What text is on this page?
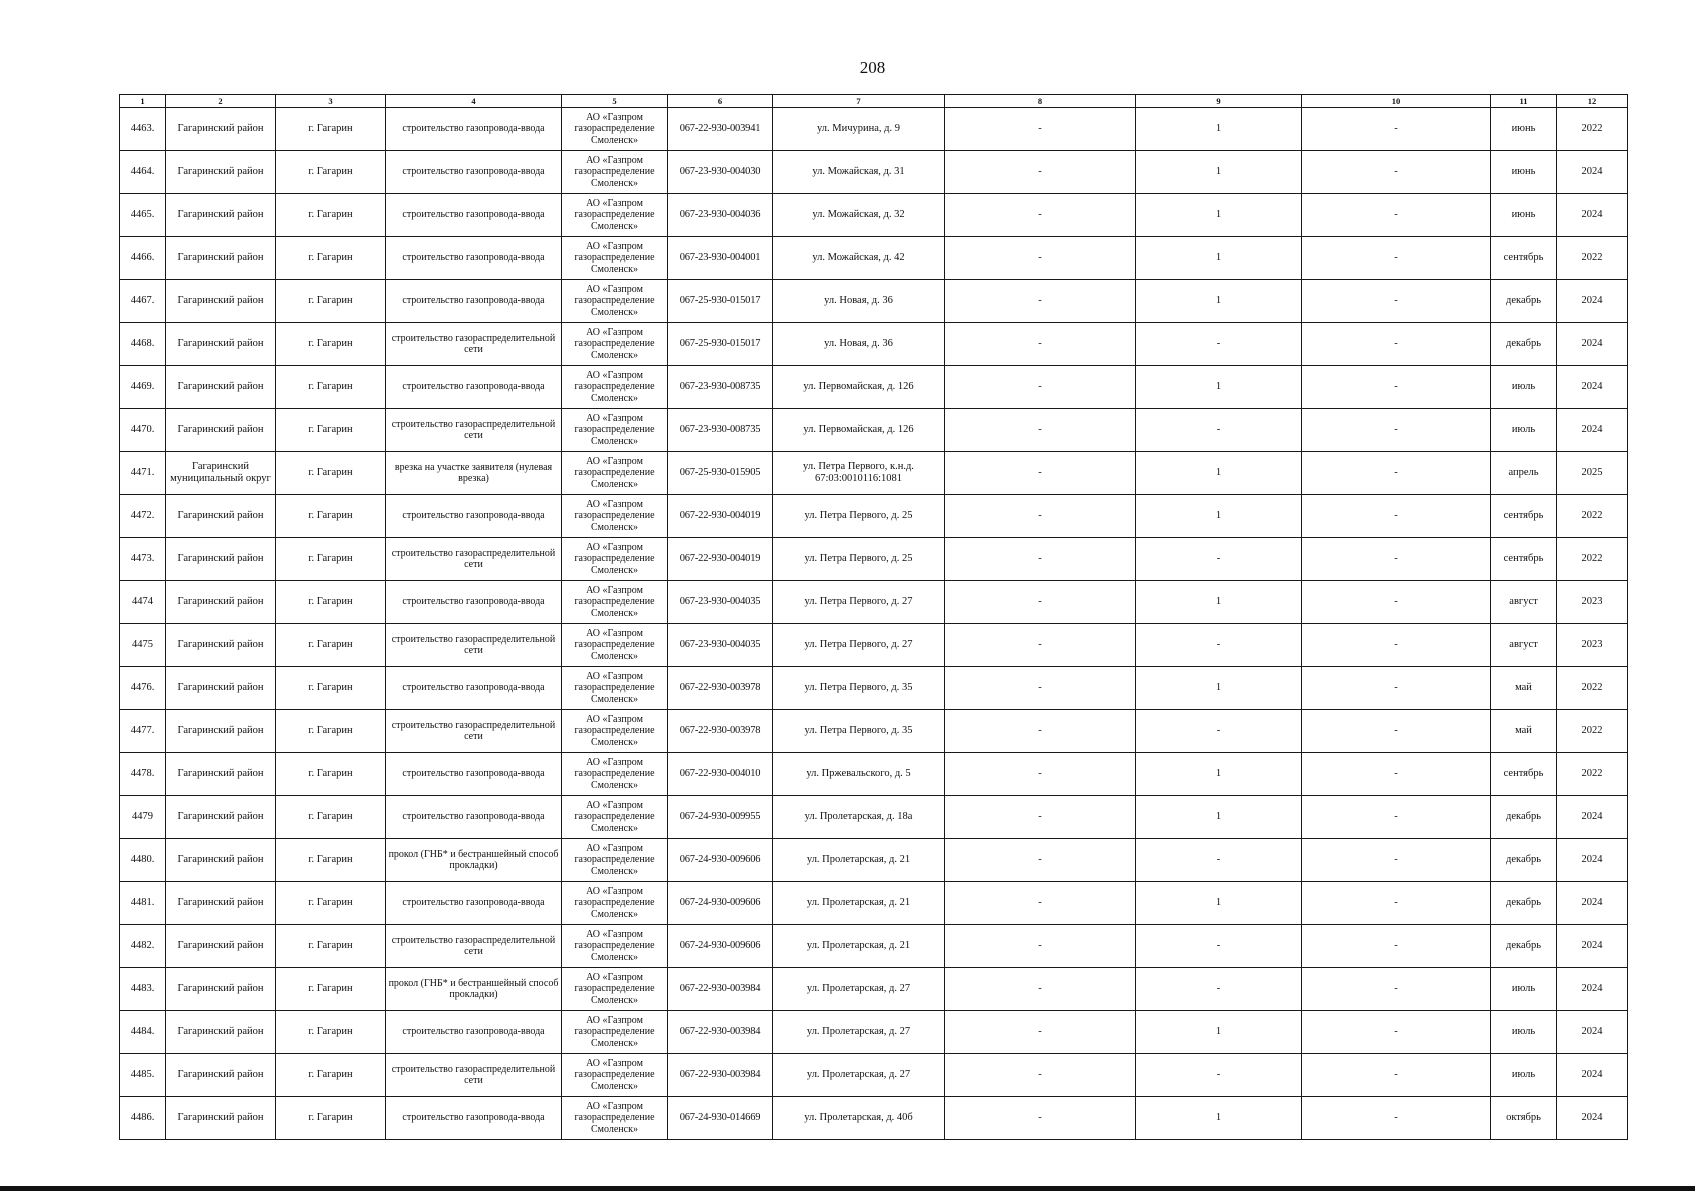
208
1	2	3	4	5	6	7	8	9	10	11	12
4463.	Гагаринский район	г. Гагарин	строительство газопровода-ввода	АО «Газпром газораспределение Смоленск»	067-22-930-003941	ул. Мичурина, д. 9	-	1	-	июнь	2022
4464.	Гагаринский район	г. Гагарин	строительство газопровода-ввода	АО «Газпром газораспределение Смоленск»	067-23-930-004030	ул. Можайская, д. 31	-	1	-	июнь	2024
4465.	Гагаринский район	г. Гагарин	строительство газопровода-ввода	АО «Газпром газораспределение Смоленск»	067-23-930-004036	ул. Можайская, д. 32	-	1	-	июнь	2024
4466.	Гагаринский район	г. Гагарин	строительство газопровода-ввода	АО «Газпром газораспределение Смоленск»	067-23-930-004001	ул. Можайская, д. 42	-	1	-	сентябрь	2022
4467.	Гагаринский район	г. Гагарин	строительство газопровода-ввода	АО «Газпром газораспределение Смоленск»	067-25-930-015017	ул. Новая, д. 36	-	1	-	декабрь	2024
4468.	Гагаринский район	г. Гагарин	строительство газораспределительной сети	АО «Газпром газораспределение Смоленск»	067-25-930-015017	ул. Новая, д. 36	-	-	-	декабрь	2024
4469.	Гагаринский район	г. Гагарин	строительство газопровода-ввода	АО «Газпром газораспределение Смоленск»	067-23-930-008735	ул. Первомайская, д. 126	-	1	-	июль	2024
4470.	Гагаринский район	г. Гагарин	строительство газораспределительной сети	АО «Газпром газораспределение Смоленск»	067-23-930-008735	ул. Первомайская, д. 126	-	-	-	июль	2024
4471.	Гагаринский муниципальный округ	г. Гагарин	врезка на участке заявителя (нулевая врезка)	АО «Газпром газораспределение Смоленск»	067-25-930-015905	ул. Петра Первого, к.н.д. 67:03:0010116:1081	-	1	-	апрель	2025
4472.	Гагаринский район	г. Гагарин	строительство газопровода-ввода	АО «Газпром газораспределение Смоленск»	067-22-930-004019	ул. Петра Первого, д. 25	-	1	-	сентябрь	2022
4473.	Гагаринский район	г. Гагарин	строительство газораспределительной сети	АО «Газпром газораспределение Смоленск»	067-22-930-004019	ул. Петра Первого, д. 25	-	-	-	сентябрь	2022
4474	Гагаринский район	г. Гагарин	строительство газопровода-ввода	АО «Газпром газораспределение Смоленск»	067-23-930-004035	ул. Петра Первого, д. 27	-	1	-	август	2023
4475	Гагаринский район	г. Гагарин	строительство газораспределительной сети	АО «Газпром газораспределение Смоленск»	067-23-930-004035	ул. Петра Первого, д. 27	-	-	-	август	2023
4476.	Гагаринский район	г. Гагарин	строительство газопровода-ввода	АО «Газпром газораспределение Смоленск»	067-22-930-003978	ул. Петра Первого, д. 35	-	1	-	май	2022
4477.	Гагаринский район	г. Гагарин	строительство газораспределительной сети	АО «Газпром газораспределение Смоленск»	067-22-930-003978	ул. Петра Первого, д. 35	-	-	-	май	2022
4478.	Гагаринский район	г. Гагарин	строительство газопровода-ввода	АО «Газпром газораспределение Смоленск»	067-22-930-004010	ул. Пржевальского, д. 5	-	1	-	сентябрь	2022
4479	Гагаринский район	г. Гагарин	строительство газопровода-ввода	АО «Газпром газораспределение Смоленск»	067-24-930-009955	ул. Пролетарская, д. 18а	-	1	-	декабрь	2024
4480.	Гагаринский район	г. Гагарин	прокол (ГНБ* и бестраншейный способ прокладки)	АО «Газпром газораспределение Смоленск»	067-24-930-009606	ул. Пролетарская, д. 21	-	-	-	декабрь	2024
4481.	Гагаринский район	г. Гагарин	строительство газопровода-ввода	АО «Газпром газораспределение Смоленск»	067-24-930-009606	ул. Пролетарская, д. 21	-	1	-	декабрь	2024
4482.	Гагаринский район	г. Гагарин	строительство газораспределительной сети	АО «Газпром газораспределение Смоленск»	067-24-930-009606	ул. Пролетарская, д. 21	-	-	-	декабрь	2024
4483.	Гагаринский район	г. Гагарин	прокол (ГНБ* и бестраншейный способ прокладки)	АО «Газпром газораспределение Смоленск»	067-22-930-003984	ул. Пролетарская, д. 27	-	-	-	июль	2024
4484.	Гагаринский район	г. Гагарин	строительство газопровода-ввода	АО «Газпром газораспределение Смоленск»	067-22-930-003984	ул. Пролетарская, д. 27	-	1	-	июль	2024
4485.	Гагаринский район	г. Гагарин	строительство газораспределительной сети	АО «Газпром газораспределение Смоленск»	067-22-930-003984	ул. Пролетарская, д. 27	-	-	-	июль	2024
4486.	Гагаринский район	г. Гагарин	строительство газопровода-ввода	АО «Газпром газораспределение Смоленск»	067-24-930-014669	ул. Пролетарская, д. 40б	-	1	-	октябрь	2024
